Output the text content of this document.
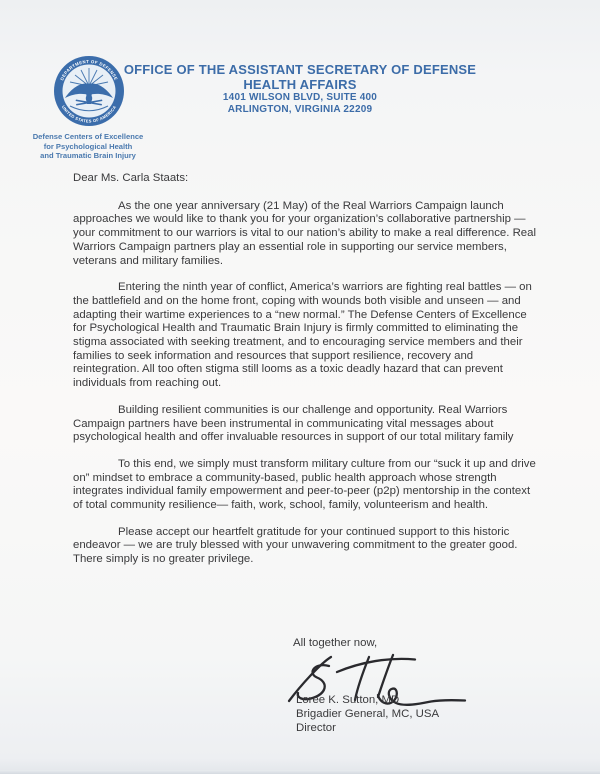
DEPARTMENT OF DEFENSE
UNITED STATES OF AMERICA
OFFICE OF THE ASSISTANT SECRETARY OF DEFENSE
HEALTH AFFAIRS
1401 WILSON BLVD, SUITE 400
ARLINGTON, VIRGINIA 22209
Defense Centers of Excellence
for Psychological Health
and Traumatic Brain Injury

Dear Ms. Carla Staats:

As the one year anniversary (21 May) of the Real Warriors Campaign launch approaches we would like to thank you for your organization’s collaborative partnership — your commitment to our warriors is vital to our nation’s ability to make a real difference. Real Warriors Campaign partners play an essential role in supporting our service members, veterans and military families.

Entering the ninth year of conflict, America’s warriors are fighting real battles — on the battlefield and on the home front, coping with wounds both visible and unseen — and adapting their wartime experiences to a “new normal.” The Defense Centers of Excellence for Psychological Health and Traumatic Brain Injury is firmly committed to eliminating the stigma associated with seeking treatment, and to encouraging service members and their families to seek information and resources that support resilience, recovery and reintegration. All too often stigma still looms as a toxic deadly hazard that can prevent individuals from reaching out.

Building resilient communities is our challenge and opportunity. Real Warriors Campaign partners have been instrumental in communicating vital messages about psychological health and offer invaluable resources in support of our total military family

To this end, we simply must transform military culture from our “suck it up and drive on” mindset to embrace a community-based, public health approach whose strength integrates individual family empowerment and peer-to-peer (p2p) mentorship in the context of total community resilience— faith, work, school, family, volunteerism and health.

Please accept our heartfelt gratitude for your continued support to this historic endeavor — we are truly blessed with your unwavering commitment to the greater good. There simply is no greater privilege.

All together now,

Loree K. Sutton, MD
Brigadier General, MC, USA
Director
